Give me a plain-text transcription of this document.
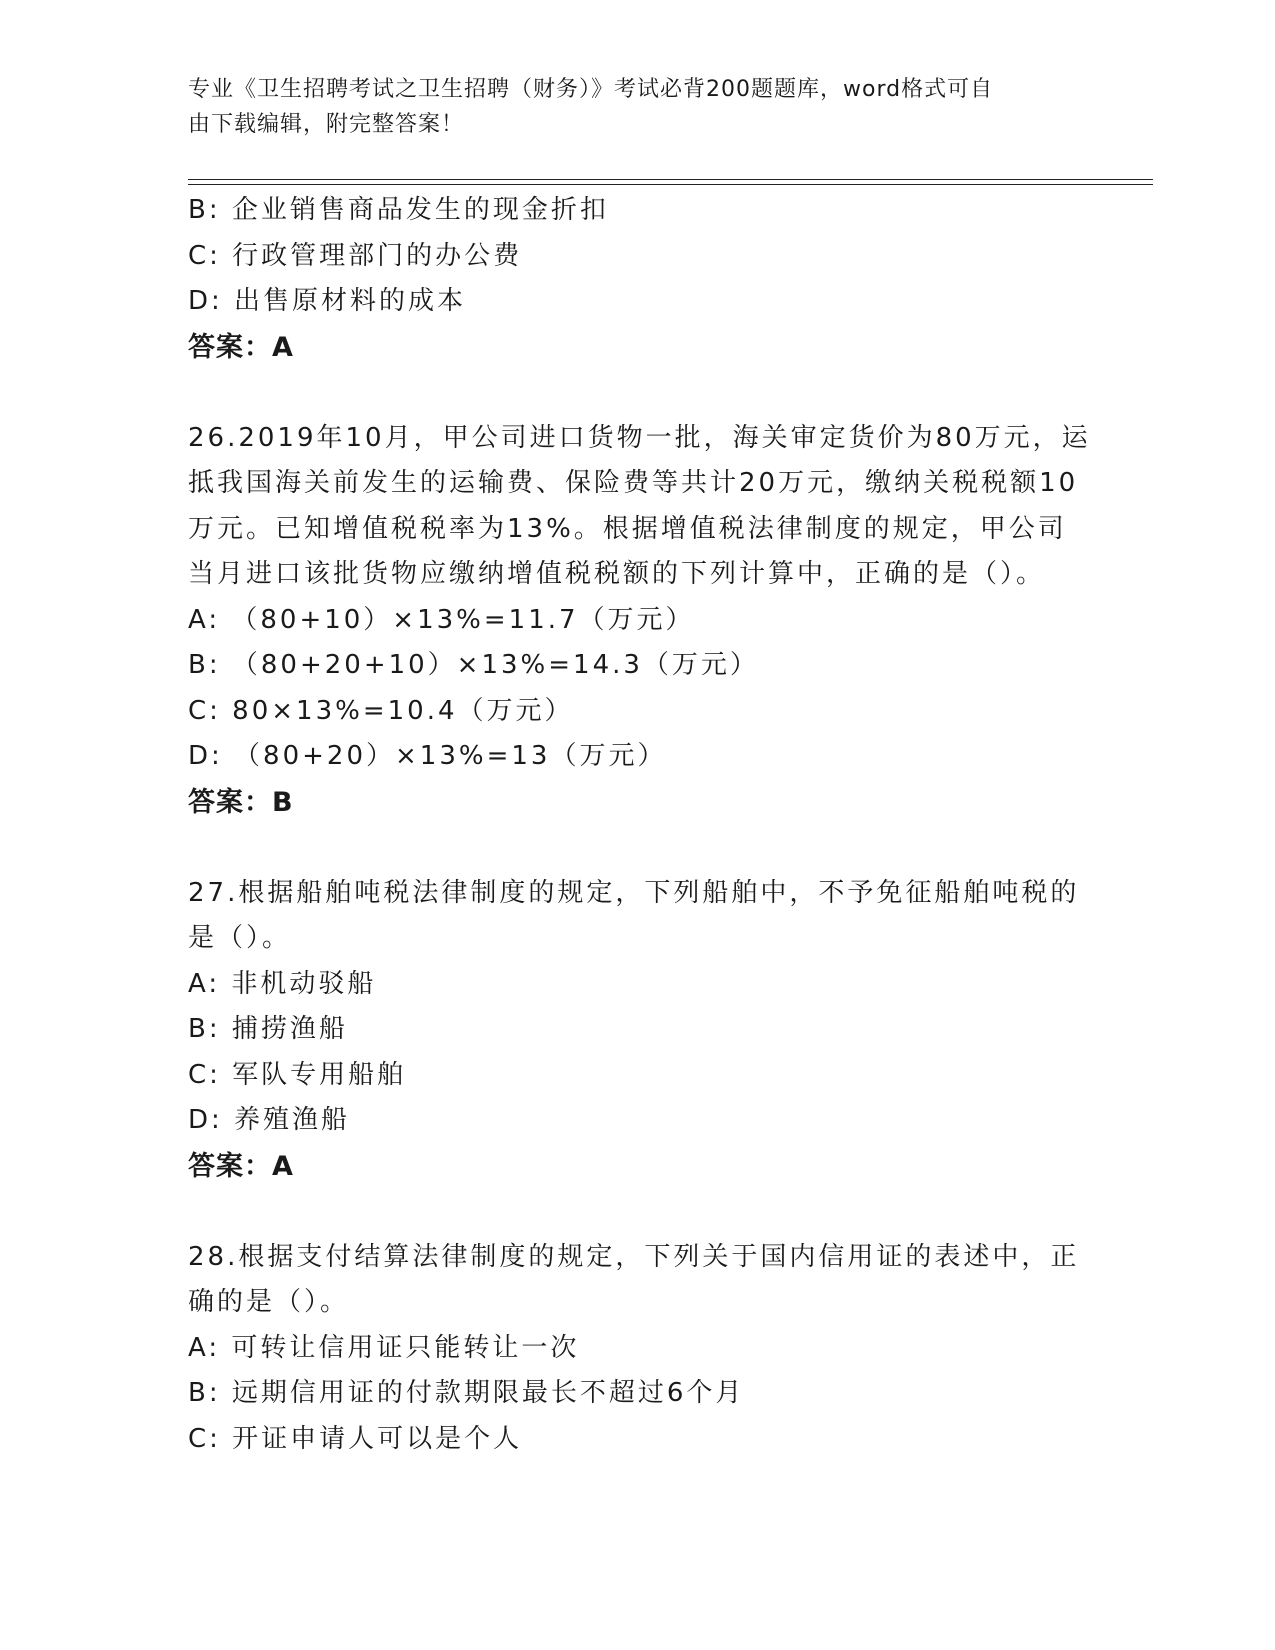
专业《卫生招聘考试之卫生招聘（财务）》考试必背200题题库，word格式可自
由下载编辑，附完整答案！
B: 企业销售商品发生的现金折扣
C: 行政管理部门的办公费
D: 出售原材料的成本
答案：A
26.2019年10月，甲公司进口货物一批，海关审定货价为80万元，运
抵我国海关前发生的运输费、保险费等共计20万元，缴纳关税税额10
万元。已知增值税税率为13%。根据增值税法律制度的规定，甲公司
当月进口该批货物应缴纳增值税税额的下列计算中，正确的是（）。
A: （80+10）×13%=11.7（万元）
B: （80+20+10）×13%=14.3（万元）
C: 80×13%=10.4（万元）
D: （80+20）×13%=13（万元）
答案：B
27.根据船舶吨税法律制度的规定，下列船舶中，不予免征船舶吨税的
是（）。
A: 非机动驳船
B: 捕捞渔船
C: 军队专用船舶
D: 养殖渔船
答案：A
28.根据支付结算法律制度的规定，下列关于国内信用证的表述中，正
确的是（）。
A: 可转让信用证只能转让一次
B: 远期信用证的付款期限最长不超过6个月
C: 开证申请人可以是个人
